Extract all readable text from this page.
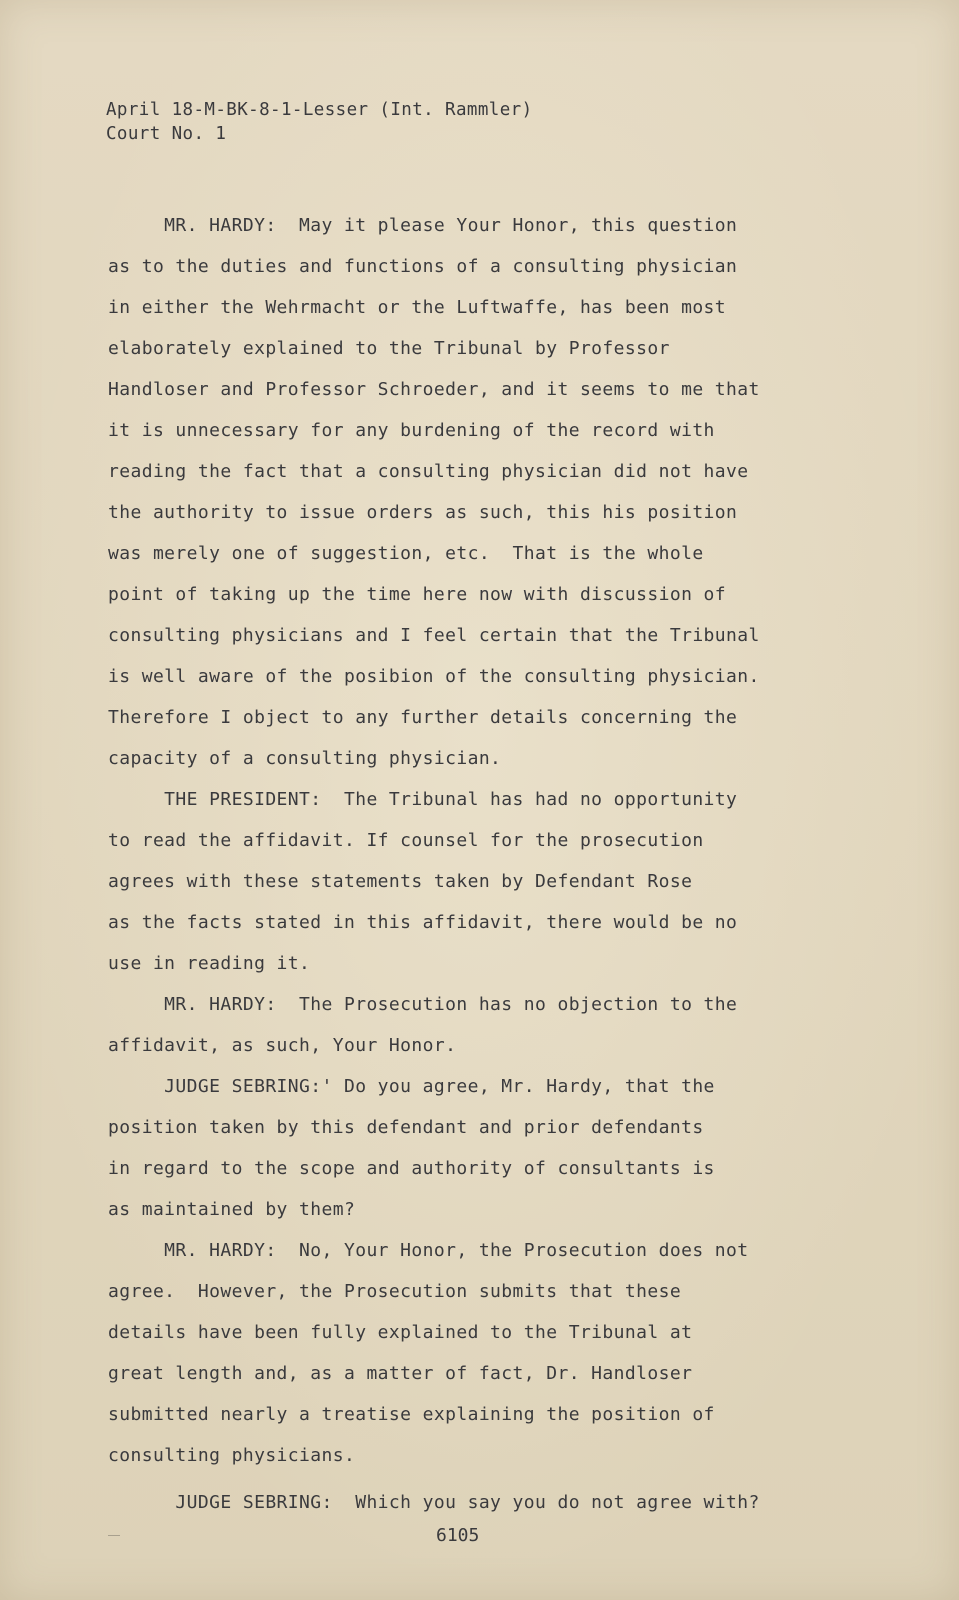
April 18-M-BK-8-1-Lesser (Int. Rammler)
Court No. 1
MR. HARDY:  May it please Your Honor, this question
as to the duties and functions of a consulting physician
in either the Wehrmacht or the Luftwaffe, has been most
elaborately explained to the Tribunal by Professor
Handloser and Professor Schroeder, and it seems to me that
it is unnecessary for any burdening of the record with
reading the fact that a consulting physician did not have
the authority to issue orders as such, this his position
was merely one of suggestion, etc.  That is the whole
point of taking up the time here now with discussion of
consulting physicians and I feel certain that the Tribunal
is well aware of the posibion of the consulting physician.
Therefore I object to any further details concerning the
capacity of a consulting physician.
THE PRESIDENT:  The Tribunal has had no opportunity
to read the affidavit. If counsel for the prosecution
agrees with these statements taken by Defendant Rose
as the facts stated in this affidavit, there would be no
use in reading it.
MR. HARDY:  The Prosecution has no objection to the
affidavit, as such, Your Honor.
JUDGE SEBRING:' Do you agree, Mr. Hardy, that the
position taken by this defendant and prior defendants
in regard to the scope and authority of consultants is
as maintained by them?
MR. HARDY:  No, Your Honor, the Prosecution does not
agree.  However, the Prosecution submits that these
details have been fully explained to the Tribunal at
great length and, as a matter of fact, Dr. Handloser
submitted nearly a treatise explaining the position of
consulting physicians.
JUDGE SEBRING:  Which you say you do not agree with?
6105
